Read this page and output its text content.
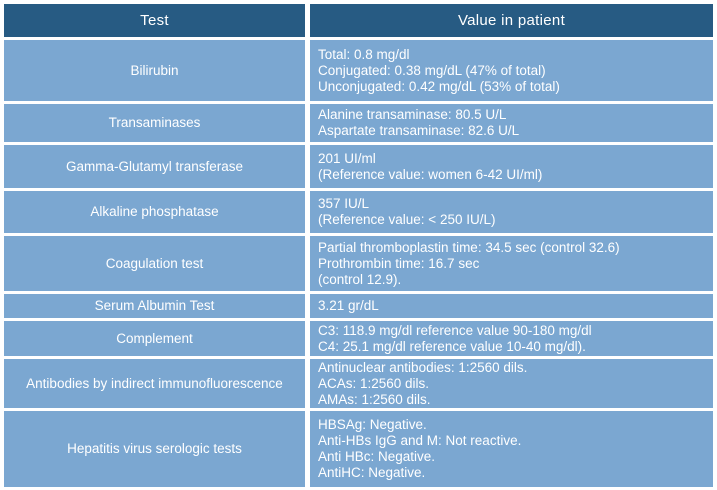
Test	Value in patient
Bilirubin
Total: 0.8 mg/dl
Conjugated: 0.38 mg/dL (47% of total)
Unconjugated: 0.42 mg/dL (53% of total)
Transaminases
Alanine transaminase: 80.5 U/L
Aspartate transaminase: 82.6 U/L
Gamma-Glutamyl transferase
201 UI/ml
(Reference value: women 6-42 UI/ml)
Alkaline phosphatase
357 IU/L
(Reference value: < 250 IU/L)
Coagulation test
Partial thromboplastin time: 34.5 sec (control 32.6)
Prothrombin time: 16.7 sec
(control 12.9).
Serum Albumin Test	3.21 gr/dL
Complement
C3: 118.9 mg/dl reference value 90-180 mg/dl
C4: 25.1 mg/dl reference value 10-40 mg/dl).
Antibodies by indirect immunofluorescence
Antinuclear antibodies: 1:2560 dils.
ACAs: 1:2560 dils.
AMAs: 1:2560 dils.
Hepatitis virus serologic tests
HBSAg: Negative.
Anti-HBs IgG and M: Not reactive.
Anti HBc: Negative.
AntiHC: Negative.
